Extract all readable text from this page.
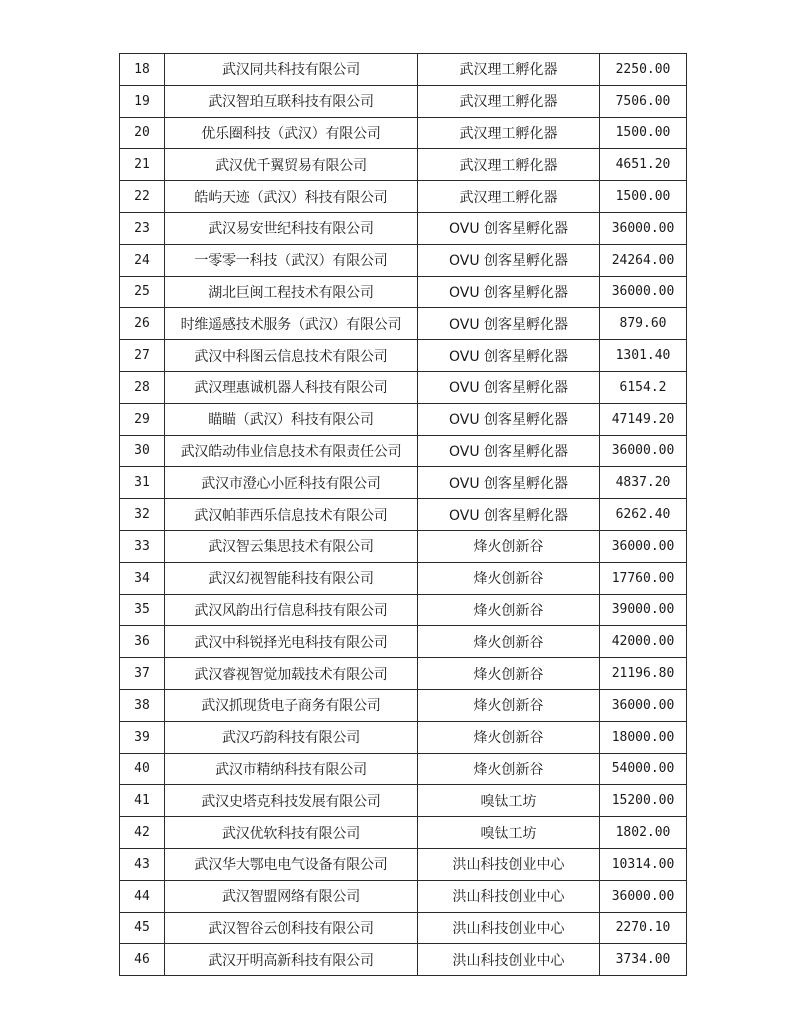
18	武汉同共科技有限公司	武汉理工孵化器	2250.00
19	武汉智珀互联科技有限公司	武汉理工孵化器	7506.00
20	优乐圈科技（武汉）有限公司	武汉理工孵化器	1500.00
21	武汉优千翼贸易有限公司	武汉理工孵化器	4651.20
22	皓屿天迹（武汉）科技有限公司	武汉理工孵化器	1500.00
23	武汉易安世纪科技有限公司	OVU 创客星孵化器	36000.00
24	一零零一科技（武汉）有限公司	OVU 创客星孵化器	24264.00
25	湖北巨闽工程技术有限公司	OVU 创客星孵化器	36000.00
26	时维遥感技术服务（武汉）有限公司	OVU 创客星孵化器	879.60
27	武汉中科图云信息技术有限公司	OVU 创客星孵化器	1301.40
28	武汉理惠诚机器人科技有限公司	OVU 创客星孵化器	6154.2
29	瞄瞄（武汉）科技有限公司	OVU 创客星孵化器	47149.20
30	武汉皓动伟业信息技术有限责任公司	OVU 创客星孵化器	36000.00
31	武汉市澄心小匠科技有限公司	OVU 创客星孵化器	4837.20
32	武汉帕菲西乐信息技术有限公司	OVU 创客星孵化器	6262.40
33	武汉智云集思技术有限公司	烽火创新谷	36000.00
34	武汉幻视智能科技有限公司	烽火创新谷	17760.00
35	武汉风韵出行信息科技有限公司	烽火创新谷	39000.00
36	武汉中科锐择光电科技有限公司	烽火创新谷	42000.00
37	武汉睿视智觉加载技术有限公司	烽火创新谷	21196.80
38	武汉抓现货电子商务有限公司	烽火创新谷	36000.00
39	武汉巧韵科技有限公司	烽火创新谷	18000.00
40	武汉市精纳科技有限公司	烽火创新谷	54000.00
41	武汉史塔克科技发展有限公司	嗅钛工坊	15200.00
42	武汉优软科技有限公司	嗅钛工坊	1802.00
43	武汉华大鄂电电气设备有限公司	洪山科技创业中心	10314.00
44	武汉智盟网络有限公司	洪山科技创业中心	36000.00
45	武汉智谷云创科技有限公司	洪山科技创业中心	2270.10
46	武汉开明高新科技有限公司	洪山科技创业中心	3734.00
